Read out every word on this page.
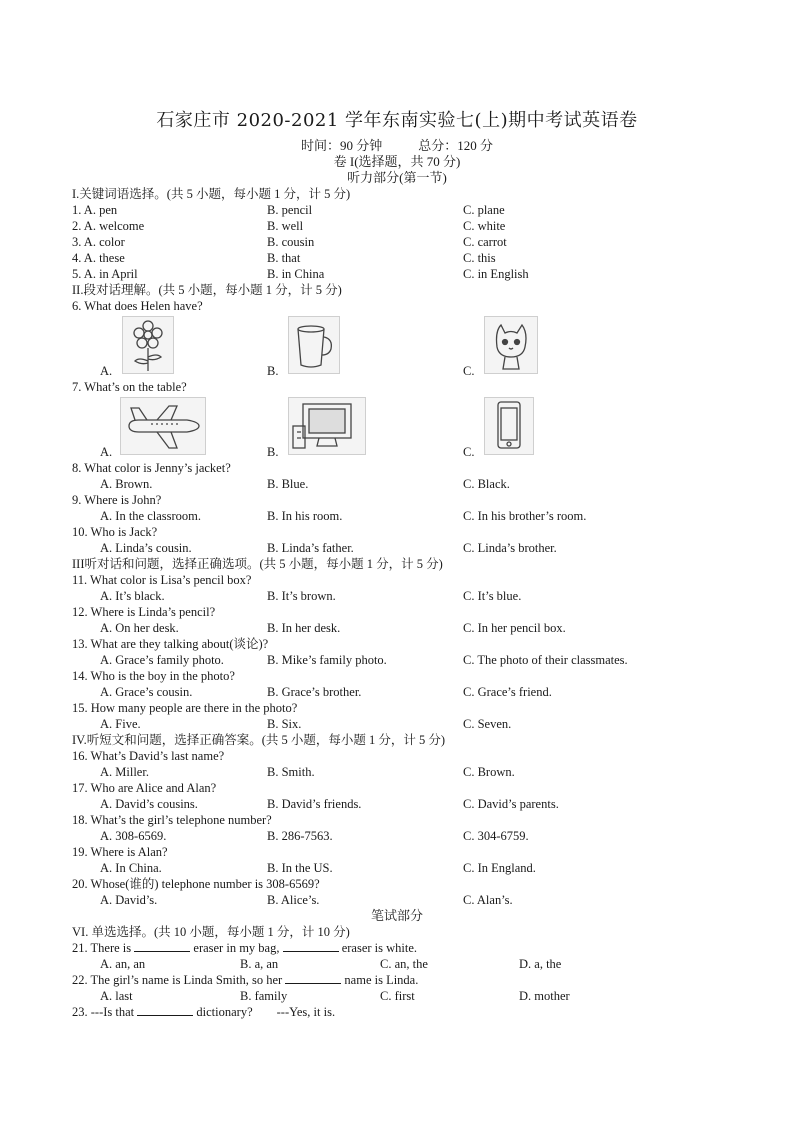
石家庄市 2020-2021 学年东南实验七(上)期中考试英语卷
时间：90 分钟	总分：120 分
卷 I(选择题，共 70 分)
听力部分(第一节)
I.关键词语选择。(共 5 小题，每小题 1 分，计 5 分)
1. A. pen	B. pencil	C. plane
2. A. welcome	B. well	C. white
3. A. color	B. cousin	C. carrot
4. A. these	B. that	C. this
5. A. in April	B. in China	C. in English
II.段对话理解。(共 5 小题，每小题 1 分，计 5 分)
6. What does Helen have?
A.	B.	C.
7. What’s on the table?
A.	B.	C.
8. What color is Jenny’s jacket?
A. Brown.	B. Blue.	C. Black.
9. Where is John?
A. In the classroom.	B. In his room.	C. In his brother’s room.
10. Who is Jack?
A. Linda’s cousin.	B. Linda’s father.	C. Linda’s brother.
III听对话和问题，选择正确选项。(共 5 小题，每小题 1 分，计 5 分)
11. What color is Lisa’s pencil box?
A. It’s black.	B. It’s brown.	C. It’s blue.
12. Where is Linda’s pencil?
A. On her desk.	B. In her desk.	C. In her pencil box.
13. What are they talking about(谈论)?
A. Grace’s family photo.	B. Mike’s family photo.	C. The photo of their classmates.
14. Who is the boy in the photo?
A. Grace’s cousin.	B. Grace’s brother.	C. Grace’s friend.
15. How many people are there in the photo?
A. Five.	B. Six.	C. Seven.
IV.听短文和问题，选择正确答案。(共 5 小题，每小题 1 分，计 5 分)
16. What’s David’s last name?
A. Miller.	B. Smith.	C. Brown.
17. Who are Alice and Alan?
A. David’s cousins.	B. David’s friends.	C. David’s parents.
18. What’s the girl’s telephone number?
A. 308-6569.	B. 286-7563.	C. 304-6759.
19. Where is Alan?
A. In China.	B. In the US.	C. In England.
20. Whose(谁的) telephone number is 308-6569?
A. David’s.	B. Alice’s.	C. Alan’s.
笔试部分
VI. 单选选择。(共 10 小题，每小题 1 分，计 10 分)
21. There is	eraser in my bag,	eraser is white.
A. an, an	B. a, an	C. an, the	D. a, the
22. The girl’s name is Linda Smith, so her	name is Linda.
A. last	B. family	C. first	D. mother
23. ---Is that	dictionary? ---Yes, it is.
